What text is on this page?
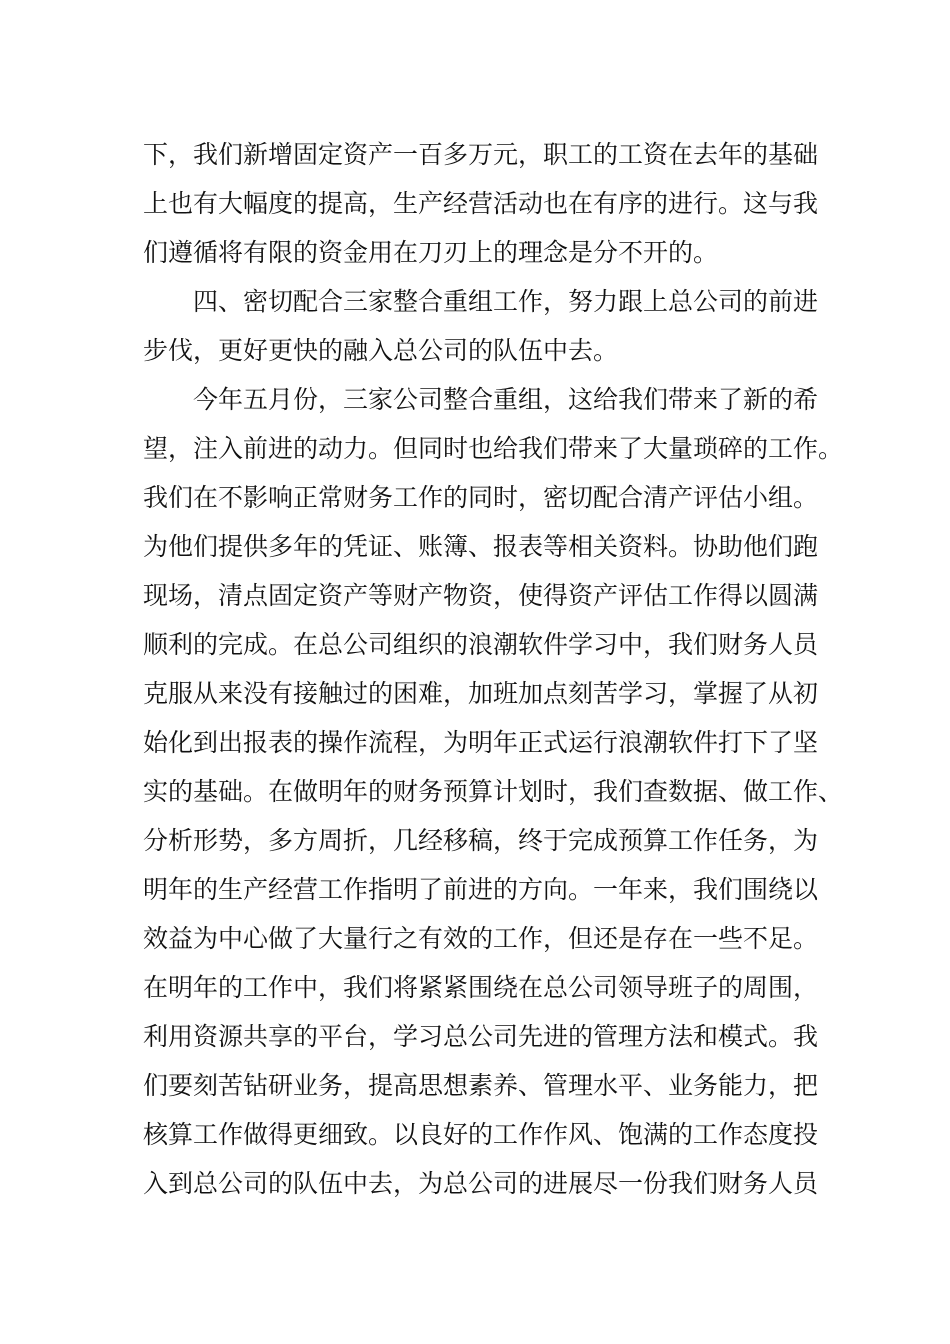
下，我们新增固定资产一百多万元，职工的工资在去年的基础
上也有大幅度的提高，生产经营活动也在有序的进行。这与我
们遵循将有限的资金用在刀刃上的理念是分不开的。
　　四、密切配合三家整合重组工作，努力跟上总公司的前进
步伐，更好更快的融入总公司的队伍中去。
　　今年五月份，三家公司整合重组，这给我们带来了新的希
望，注入前进的动力。但同时也给我们带来了大量琐碎的工作。
我们在不影响正常财务工作的同时，密切配合清产评估小组。
为他们提供多年的凭证、账簿、报表等相关资料。协助他们跑
现场，清点固定资产等财产物资，使得资产评估工作得以圆满
顺利的完成。在总公司组织的浪潮软件学习中，我们财务人员
克服从来没有接触过的困难，加班加点刻苦学习，掌握了从初
始化到出报表的操作流程，为明年正式运行浪潮软件打下了坚
实的基础。在做明年的财务预算计划时，我们查数据、做工作、
分析形势，多方周折，几经移稿，终于完成预算工作任务，为
明年的生产经营工作指明了前进的方向。一年来，我们围绕以
效益为中心做了大量行之有效的工作，但还是存在一些不足。
在明年的工作中，我们将紧紧围绕在总公司领导班子的周围，
利用资源共享的平台，学习总公司先进的管理方法和模式。我
们要刻苦钻研业务，提高思想素养、管理水平、业务能力，把
核算工作做得更细致。以良好的工作作风、饱满的工作态度投
入到总公司的队伍中去，为总公司的进展尽一份我们财务人员
